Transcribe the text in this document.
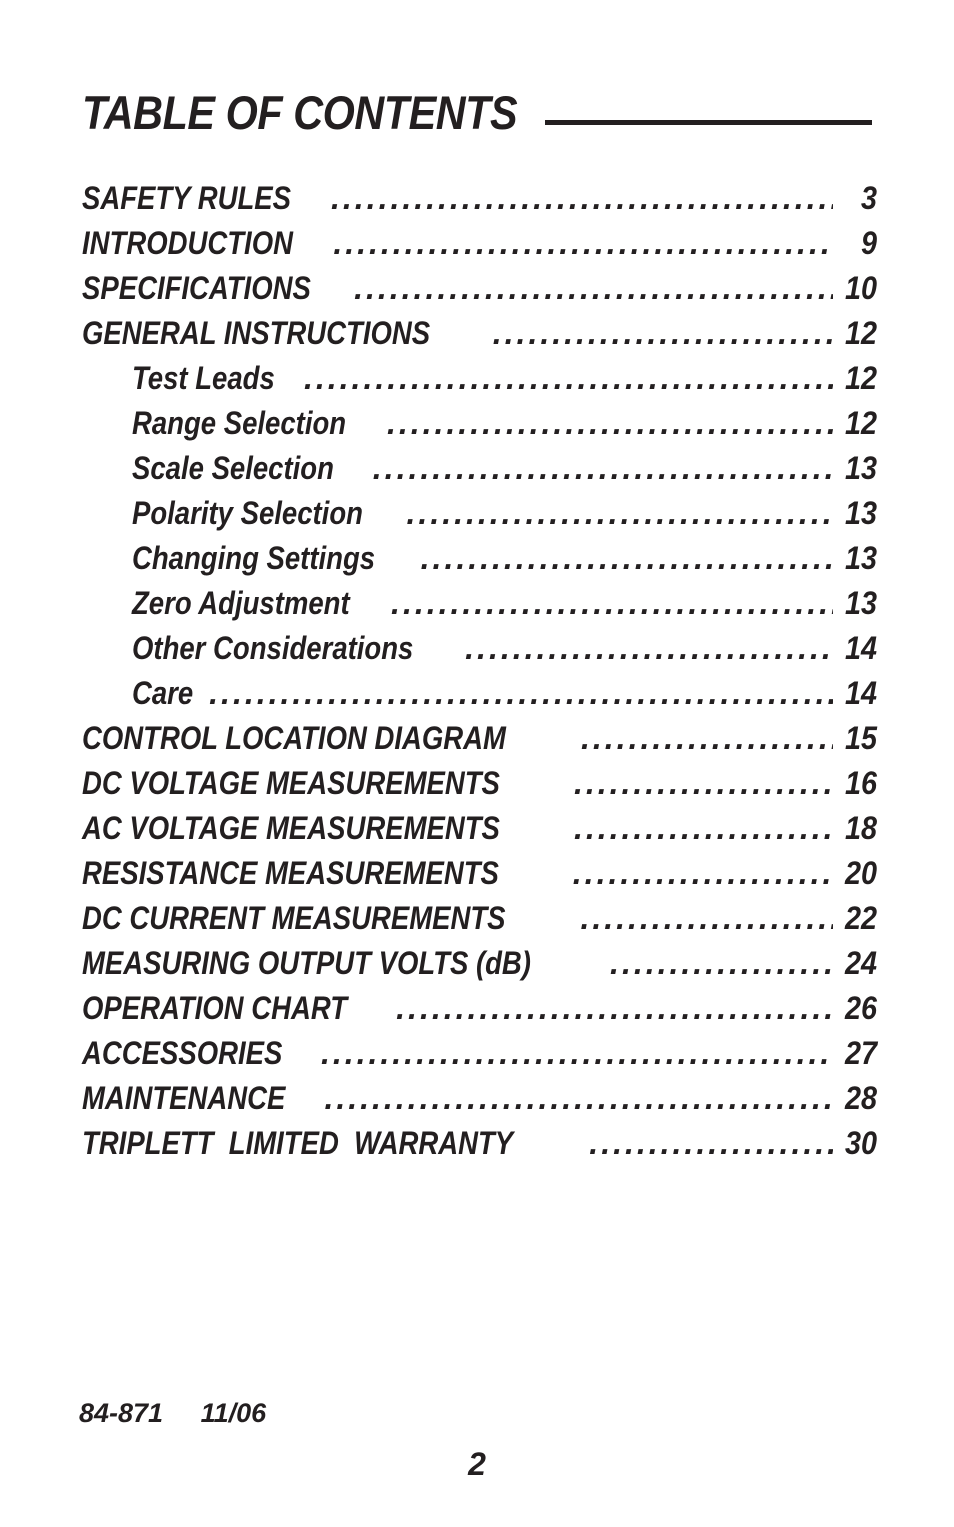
TABLE OF CONTENTS
SAFETY RULES .....	3
INTRODUCTION .....	9
SPECIFICATIONS .....	10
GENERAL INSTRUCTIONS .....	12
Test Leads .....	12
Range Selection .....	12
Scale Selection .....	13
Polarity Selection .....	13
Changing Settings .....	13
Zero Adjustment .....	13
Other Considerations .....	14
Care .....	14
CONTROL LOCATION DIAGRAM .....	15
DC VOLTAGE MEASUREMENTS .....	16
AC VOLTAGE MEASUREMENTS .....	18
RESISTANCE MEASUREMENTS .....	20
DC CURRENT MEASUREMENTS .....	22
MEASURING OUTPUT VOLTS (dB) .....	24
OPERATION CHART .....	26
ACCESSORIES .....	27
MAINTENANCE .....	28
TRIPLETT  LIMITED  WARRANTY .....	30
84-871     11/06
2
